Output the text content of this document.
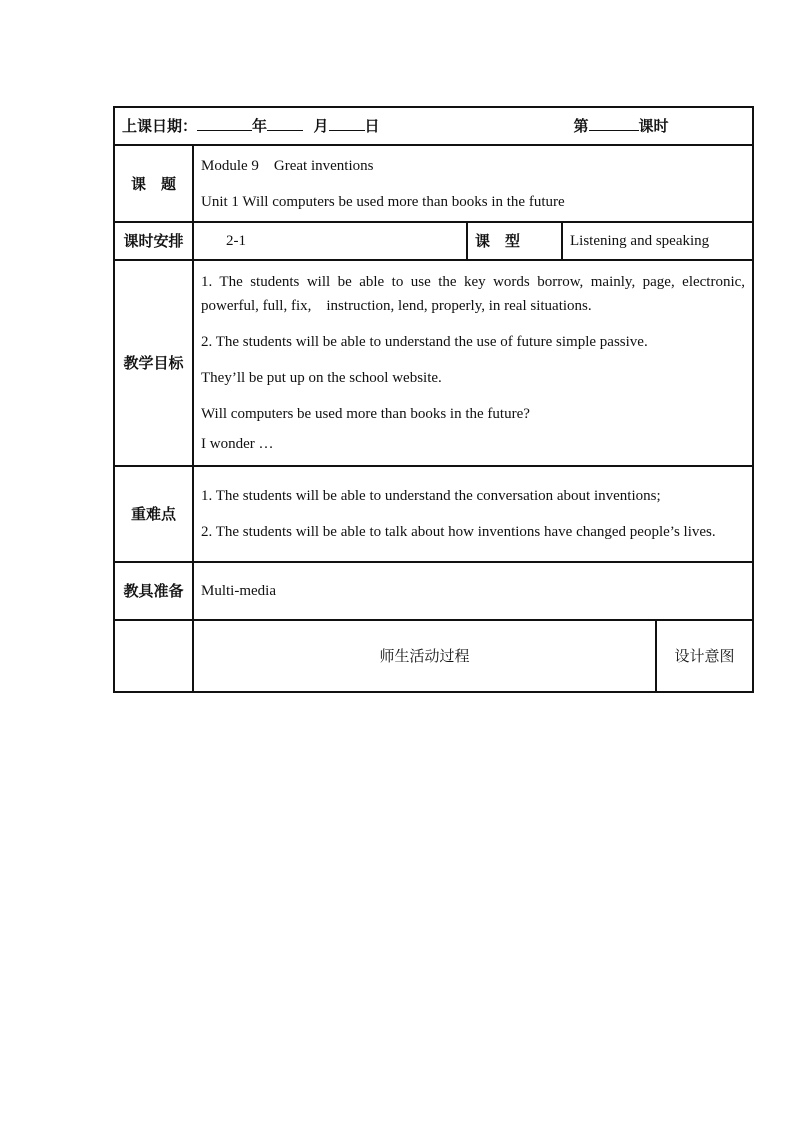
上课日期： 年 月 日 第 课时				
课　题	Module 9　Great inventions

Unit 1 Will computers be used more than books in the future			

课时安排	2-1	课　型	Listening and speaking	
教学目标	1. The students will be able to use the key words borrow, mainly, page, electronic, powerful, full, fix,　instruction, lend, properly, in real situations.

2. The students will be able to understand the use of future simple passive.

They’ll be put up on the school website.

Will computers be used more than books in the future?

I wonder …			

重难点	1. The students will be able to understand the conversation about inventions;

2. The students will be able to talk about how inventions have changed people’s lives.			

教具准备	Multi-media			
	师生活动过程			设计意图
